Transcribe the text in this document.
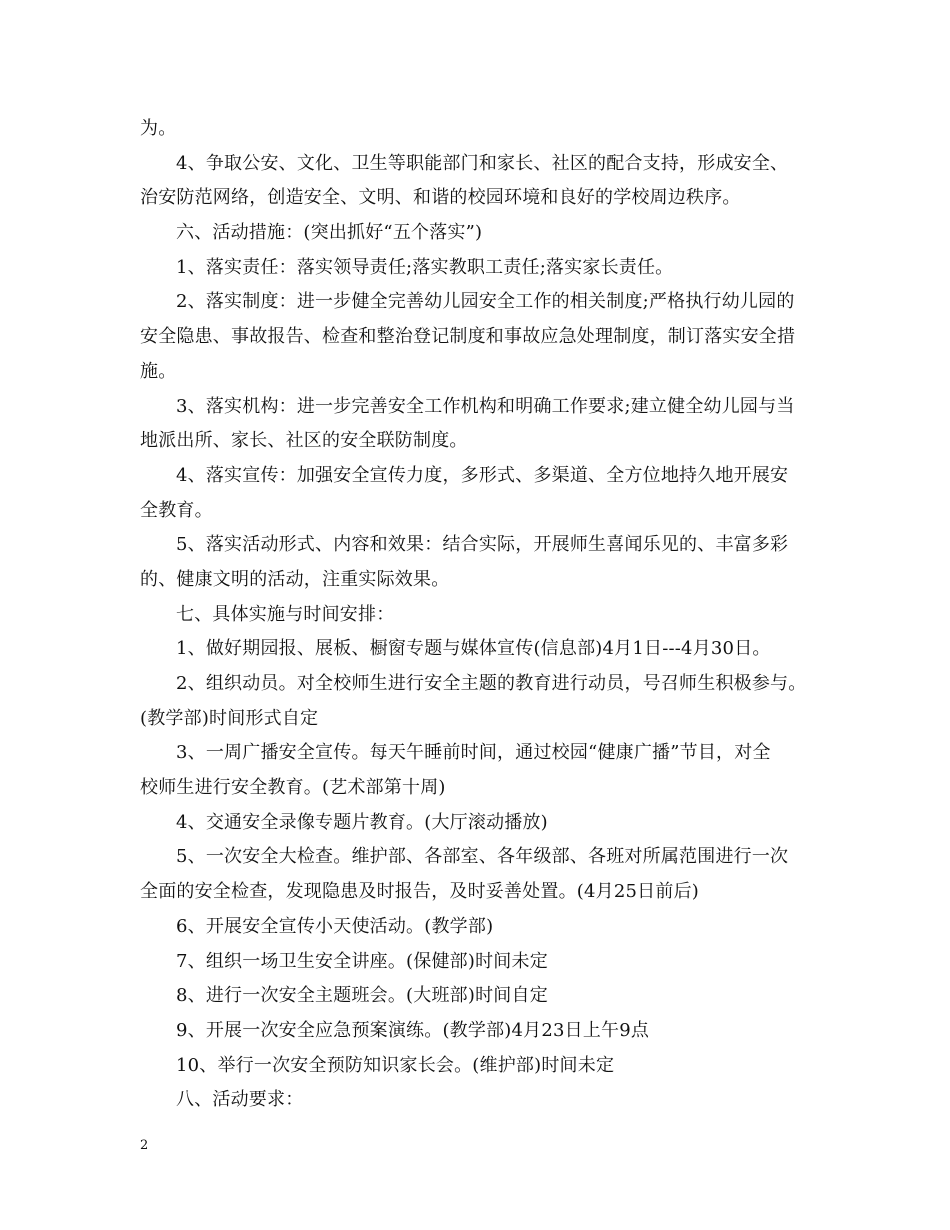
为。
4、争取公安、文化、卫生等职能部门和家长、社区的配合支持，形成安全、
治安防范网络，创造安全、文明、和谐的校园环境和良好的学校周边秩序。
六、活动措施：(突出抓好“五个落实”)
1、落实责任：落实领导责任;落实教职工责任;落实家长责任。
2、落实制度：进一步健全完善幼儿园安全工作的相关制度;严格执行幼儿园的
安全隐患、事故报告、检查和整治登记制度和事故应急处理制度，制订落实安全措
施。
3、落实机构：进一步完善安全工作机构和明确工作要求;建立健全幼儿园与当
地派出所、家长、社区的安全联防制度。
4、落实宣传：加强安全宣传力度，多形式、多渠道、全方位地持久地开展安
全教育。
5、落实活动形式、内容和效果：结合实际，开展师生喜闻乐见的、丰富多彩
的、健康文明的活动，注重实际效果。
七、具体实施与时间安排：
1、做好期园报、展板、橱窗专题与媒体宣传(信息部)4月1日---4月30日。
2、组织动员。对全校师生进行安全主题的教育进行动员，号召师生积极参与。
(教学部)时间形式自定
3、一周广播安全宣传。每天午睡前时间，通过校园“健康广播”节目，对全
校师生进行安全教育。(艺术部第十周)
4、交通安全录像专题片教育。(大厅滚动播放)
5、一次安全大检查。维护部、各部室、各年级部、各班对所属范围进行一次
全面的安全检查，发现隐患及时报告，及时妥善处置。(4月25日前后)
6、开展安全宣传小天使活动。(教学部)
7、组织一场卫生安全讲座。(保健部)时间未定
8、进行一次安全主题班会。(大班部)时间自定
9、开展一次安全应急预案演练。(教学部)4月23日上午9点
10、举行一次安全预防知识家长会。(维护部)时间未定
八、活动要求：
2
